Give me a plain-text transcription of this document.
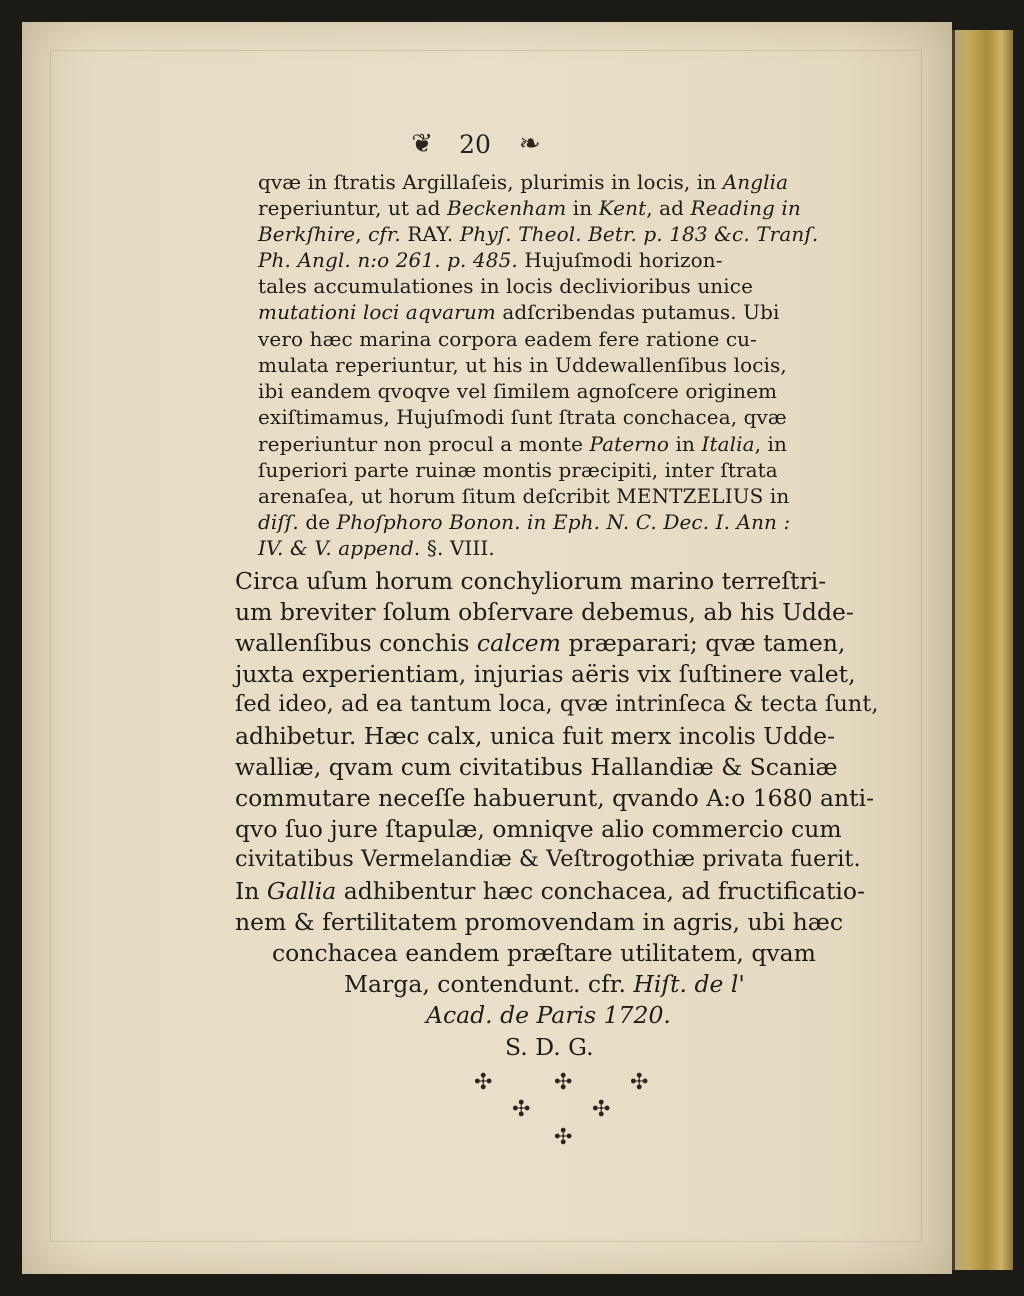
❦ 20 ❧
qvæ in ſtratis Argillaſeis, plurimis in locis, in Anglia
reperiuntur, ut ad Beckenham in Kent, ad Reading in
Berkſhire, cfr. RAY. Phyſ. Theol. Betr. p. 183 &c. Tranſ.
Ph. Angl. n:o 261. p. 485. Hujuſmodi horizon-
tales accumulationes in locis declivioribus unice
mutationi loci aqvarum adſcribendas putamus. Ubi
vero hæc marina corpora eadem fere ratione cu-
mulata reperiuntur, ut his in Uddewallenſibus locis,
ibi eandem qvoqve vel ſimilem agnoſcere originem
exiſtimamus, Hujuſmodi ſunt ſtrata conchacea, qvæ
reperiuntur non procul a monte Paterno in Italia, in
ſuperiori parte ruinæ montis præcipiti, inter ſtrata
arenaſea, ut horum ſitum deſcribit MENTZELIUS in
diſſ. de Phoſphoro Bonon. in Eph. N. C. Dec. I. Ann :
IV. & V. append. §. VIII.
Circa uſum horum conchyliorum marino terreſtri-
um breviter ſolum obſervare debemus, ab his Udde-
wallenſibus conchis calcem præparari; qvæ tamen,
juxta experientiam, injurias aëris vix ſuſtinere valet,
ſed ideo, ad ea tantum loca, qvæ intrinſeca & tecta ſunt,
adhibetur. Hæc calx, unica fuit merx incolis Udde-
walliæ, qvam cum civitatibus Hallandiæ & Scaniæ
commutare neceſſe habuerunt, qvando A:o 1680 anti-
qvo ſuo jure ſtapulæ, omniqve alio commercio cum
civitatibus Vermelandiæ & Veſtrogothiæ privata fuerit.
In Gallia adhibentur hæc conchacea, ad fructificatio-
nem & fertilitatem promovendam in agris, ubi hæc
conchacea eandem præſtare utilitatem, qvam
Marga, contendunt. cfr. Hiſt. de l'
Acad. de Paris 1720.
S. D. G.
✣	✣	✣
✣	✣
✣
